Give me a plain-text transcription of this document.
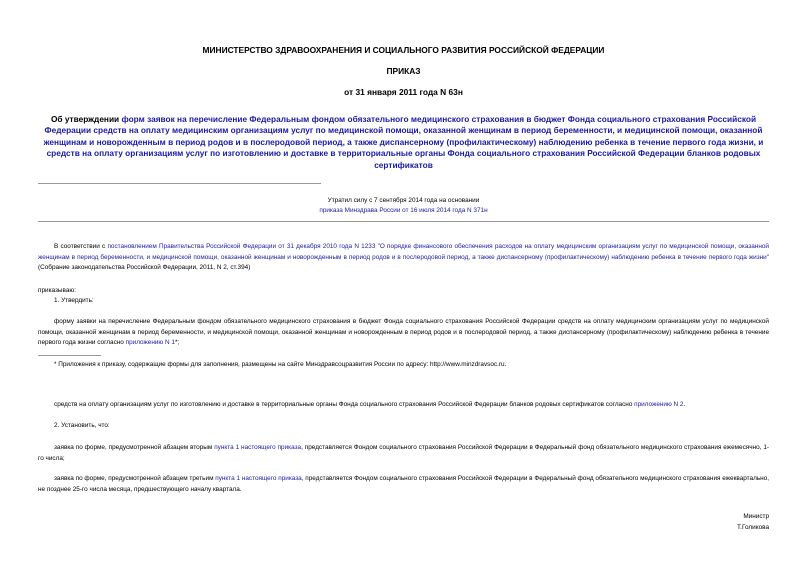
МИНИСТЕРСТВО ЗДРАВООХРАНЕНИЯ И СОЦИАЛЬНОГО РАЗВИТИЯ РОССИЙСКОЙ ФЕДЕРАЦИИ
ПРИКАЗ
от 31 января 2011 года N 63н
Об утверждении форм заявок на перечисление Федеральным фондом обязательного медицинского страхования в бюджет Фонда социального страхования Российской Федерации средств на оплату медицинским организациям услуг по медицинской помощи, оказанной женщинам в период беременности, и медицинской помощи, оказанной женщинам и новорожденным в период родов и в послеродовой период, а также диспансерному (профилактическому) наблюдению ребенка в течение первого года жизни, и средств на оплату организациям услуг по изготовлению и доставке в территориальные органы Фонда социального страхования Российской Федерации бланков родовых сертификатов
Утратил силу с 7 сентября 2014 года на основании
приказа Минздрава России от 16 июля 2014 года N 371н
В соответствии с постановлением Правительства Российской Федерации от 31 декабря 2010 года N 1233 "О порядке финансового обеспечения расходов на оплату медицинским организациям услуг по медицинской помощи, оказанной женщинам в период беременности, и медицинской помощи, оказанной женщинам и новорожденным в период родов и в послеродовой период, а также диспансерному (профилактическому) наблюдению ребенка в течение первого года жизни" (Собрание законодательства Российской Федерации, 2011, N 2, ст.394)
приказываю:
1. Утвердить:
форму заявки на перечисление Федеральным фондом обязательного медицинского страхования в бюджет Фонда социального страхования Российской Федерации средств на оплату медицинским организациям услуг по медицинской помощи, оказанной женщинам в период беременности, и медицинской помощи, оказанной женщинам и новорожденным в период родов и в послеродовой период, а также диспансерному (профилактическому) наблюдению ребенка в течение первого года жизни согласно приложению N 1*;
* Приложения к приказу, содержащие формы для заполнения, размещены на сайте Минздравсоцразвития России по адресу: http://www.minzdravsoc.ru.
средств на оплату организациям услуг по изготовлению и доставке в территориальные органы Фонда социального страхования Российской Федерации бланков родовых сертификатов согласно приложению N 2.
2. Установить, что:
заявка по форме, предусмотренной абзацем вторым пункта 1 настоящего приказа, представляется Фондом социального страхования Российской Федерации в Федеральный фонд обязательного медицинского страхования ежемесячно, 1-го числа;
заявка по форме, предусмотренной абзацем третьим пункта 1 настоящего приказа, представляется Фондом социального страхования Российской Федерации в Федеральный фонд обязательного медицинского страхования ежеквартально, не позднее 25-го числа месяца, предшествующего началу квартала.
Министр
Т.Голикова
